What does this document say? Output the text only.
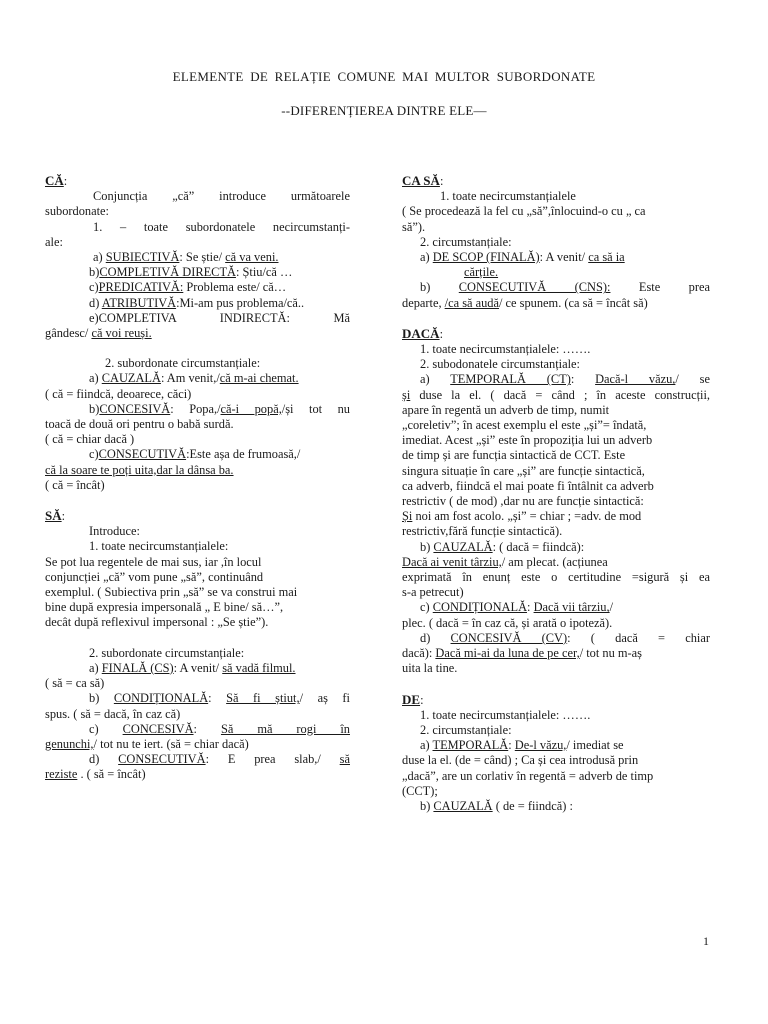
ELEMENTE DE RELAȚIE COMUNE MAI MULTOR SUBORDONATE
--DIFERENȚIEREA DINTRE ELE—
CĂ:
Conjuncția „că” introduce următoarele
subordonate:
1. – toate subordonatele necircumstanți-
ale:
a) SUBIECTIVĂ: Se știe/ că va veni.
b)COMPLETIVĂ DIRECTĂ: Știu/că …
c)PREDICATIVĂ: Problema este/ că…
d) ATRIBUTIVĂ:Mi-am pus problema/că..
e)COMPLETIVA INDIRECTĂ: Mă
gândesc/ că voi reuși.
2. subordonate circumstanțiale:
a) CAUZALĂ: Am venit,/că m-ai chemat.
( că = fiindcă, deoarece, căci)
b)CONCESIVĂ: Popa,/că-i popă,/și tot nu
toacă de două ori pentru o babă surdă.
( că = chiar dacă )
c)CONSECUTIVĂ:Este așa de frumoasă,/
că la soare te poți uita,dar la dânsa ba.
( că = încât)
SĂ:
Introduce:
1. toate necircumstanțialele:
Se pot lua regentele de mai sus, iar ,în locul
conjuncției „că” vom pune „să”, continuând
exemplul. ( Subiectiva prin „să” se va construi mai
bine după expresia impersonală „ E bine/ să…”,
decât după reflexivul impersonal : „Se știe”).
2. subordonate circumstanțiale:
a) FINALĂ (CS): A venit/ să vadă filmul.
( să = ca să)
b) CONDIȚIONALĂ: Să fi știut,/ aș fi
spus. ( să = dacă, în caz că)
c) CONCESIVĂ: Să mă rogi în
genunchi,/ tot nu te iert. (să = chiar dacă)
d) CONSECUTIVĂ: E prea slab,/ să
reziste . ( să = încât)
CA SĂ:
1. toate necircumstanțialele
( Se procedează la fel cu „să”,înlocuind-o cu „ ca
să”).
2. circumstanțiale:
a) DE SCOP (FINALĂ): A venit/ ca să ia
cărțile.
b) CONSECUTIVĂ (CNS): Este prea
departe, /ca să audă/ ce spunem. (ca să = încât să)
DACĂ:
1. toate necircumstanțialele: …….
2. subodonatele circumstanțiale:
a) TEMPORALĂ (CT): Dacă-l văzu,/ se
și duse la el. ( dacă = când ; în aceste construcții,
apare în regentă un adverb de timp, numit
„coreletiv”; în acest exemplu el este „și”= îndată,
imediat. Acest „și” este în propoziția lui un adverb
de timp și are funcția sintactică de CCT. Este
singura situație în care „și” are funcție sintactică,
ca adverb, fiindcă el mai poate fi întâlnit ca adverb
restrictiv ( de mod) ,dar nu are funcție sintactică:
Și noi am fost acolo. „și” = chiar ; =adv. de mod
restrictiv,fără funcție sintactică).
b) CAUZALĂ: ( dacă = fiindcă):
Dacă ai venit târziu,/ am plecat. (acțiunea
exprimată în enunț este o certitudine =sigură și ea
s-a petrecut)
c) CONDIȚIONALĂ: Dacă vii târziu,/
plec. ( dacă = în caz că, și arată o ipoteză).
d) CONCESIVĂ (CV): ( dacă = chiar
dacă): Dacă mi-ai da luna de pe cer,/ tot nu m-aș
uita la tine.
DE:
1. toate necircumstanțialele: …….
2. circumstanțiale:
a) TEMPORALĂ: De-l văzu,/ imediat se
duse la el. (de = când) ; Ca și cea introdusă prin
„dacă”, are un corlativ în regentă = adverb de timp
(CCT);
b) CAUZALĂ ( de = fiindcă) :
1
